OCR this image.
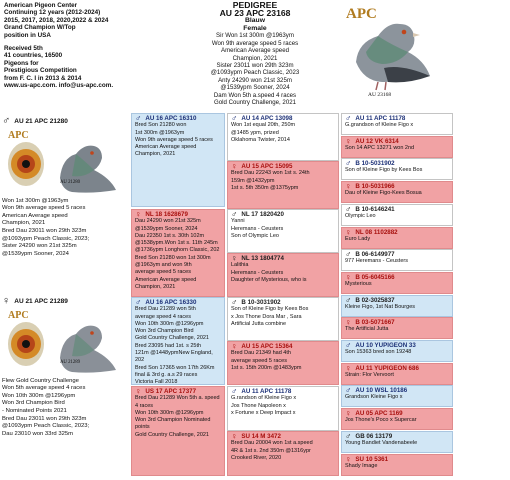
American Pigeon Center
Continuing 12 years (2012-2024)
2015, 2017, 2018, 2020,2022 & 2024
Grand Champion W/Top
position in USA
Received 5th
41 countries, 16500
Pigeons for
Prestigious Competition
from F. C. I in 2013 & 2014
www.us-apc.com. info@us-apc.com.
PEDIGREE
AU 23 APC 23168
Blauw
Female
Sir Won 1st 300m @1963ym
Won 9th average speed 5 races
American Average speed
Champion, 2021
Sister 23011 won 29th 323m
@1093ypm Peach Classic, 2023
Anty 24290 won 21st 325m
@1539ypm Sooner, 2024
Dam Won 5th a.speed 4 races
Gold Country Challenge, 2021
APC
AU 23168
♂ AU 21 APC 21280
APC
AU 21280
Won 1st 300m @1963ym
Won 9th average speed 5 races
American Average speed
Champion, 2021
Bred Dau 23011 won 29th 323m
@1093ypm Peach Classic, 2023;
Sister 24290 won 21st 325m
@1539ypm Sooner, 2024
♀ AU 21 APC 21289
APC
AU 21289
Flew Gold Country Challenge
Won 5th average speed 4 races
Won 10th 300m @1296ypm
Won 3rd Champion Bird
- Nominated Points 2021
Bred Dau 23011 won 29th 323m
@1093ypm Peach Classic, 2023;
Dau 23010 won 33rd 325m
♂ AU 16 APC 16310
Bred Son 21280 won
1st 300m @1963ym
Won 9th average speed 5 races
American Average speed
Champion, 2021
♀ NL 18 1628679
Dau 24290 won 21st 325m
@1539ypm Sooner, 2024
Dau 22350 1st s. 30th 102m
@1538ypm.Won 1st s. 11th 245m
@1736ypm Longhorn Classic, 202
Bred Son 21280 won 1st 300m
@1963ym and won 9th
average speed 5 races
American Average speed
Champion, 2021
♂ AU 16 APC 16330
Bred Dau 21289 won 5th
average speed 4 races
Won 10th 300m @1296ypm
Won 3rd Champion Bird
Gold Country Challenge, 2021
Bred 23095 had 1st. s 25th
121m @1448ypmNew England, 202
Bred Son 17365 won 17th 26Km
final & 3rd g. a.s 29 races
Victoria Fall 2018
♀ US 17 APC 17377
Bred Dau 21289 Won 5th a. speed
4 races
Won 10th 300m @1296ypm
Won 3rd Champion Nominated
points
Gold Country Challenge, 2021
♂ AU 14 APC 13098
Won 1st equal 20th, 250m
@1485 ypm, prized
Oklahoma Twister, 2014
♀ AU 15 APC 15095
Bred Dau 22243 won 1st s. 24th
159m @1432ypm
1st s. 5th 350m @1375ypm
♂ NL 17 1820420
Yanni
Heremans - Ceusters
Son of Olympic Leo
♀ NL 13 1804774
Lalithia
Heremans - Ceusters
Daughter of Mysterious, who is
♂ B 10-3031902
Son of Kleine Figo by Kees Bos
x Jos Thone Dora Mar , Sara
Artificial Jutta combine
♀ AU 15 APC 15364
Bred Dau 21349 had 4th
average speed 5 races
1st s. 15th 200m @1483ypm
♂ AU 11 APC 11178
G.randson of Kleine Figo x
Jos Thone Napoleon x
x Fortune x Deep Impact x
♀ SU 14 M 3472
Bred Dau 20004 won 1st a.speed
4R & 1st s. 2nd 350m @1316ypr
Crooked River, 2020
♂ AU 11 APC 11178
G.grandson of Kleine Figo x
♀ AU 12 VK 6314
Son 14 APC 13271 won 2nd
♂ B 10-5031902
Son of Kleine Figo by Kees Bos
♀ B 10-5031966
Dau of Kleine Figo-Kees Bosua
♂ B 10-6146241
Olympic Leo
♀ NL 08 1102882
Euro Lady
♂ B 06-6149977
977 Heremans - Ceusters
♀ B 05-6045166
Mysterious
♂ B 02-3025837
Kleine Figo, 1st Nat Bourges
♀ B 03-5071667
The Artificial Jutta
♂ AU 10 YUPIGEON 33
Son 15363 bred son 19248
♀ AU 11 YUPIGEON 686
Strain: Flor Vervoort
♂ AU 10 WSL 10186
Grandson Kleine Figo x
♀ AU 05 APC 1169
Jos Thone's Poco x Supercar
♂ GB 06 13179
Young Bandiet Vandenabeele
♀ SU 10 5361
Shady Image
